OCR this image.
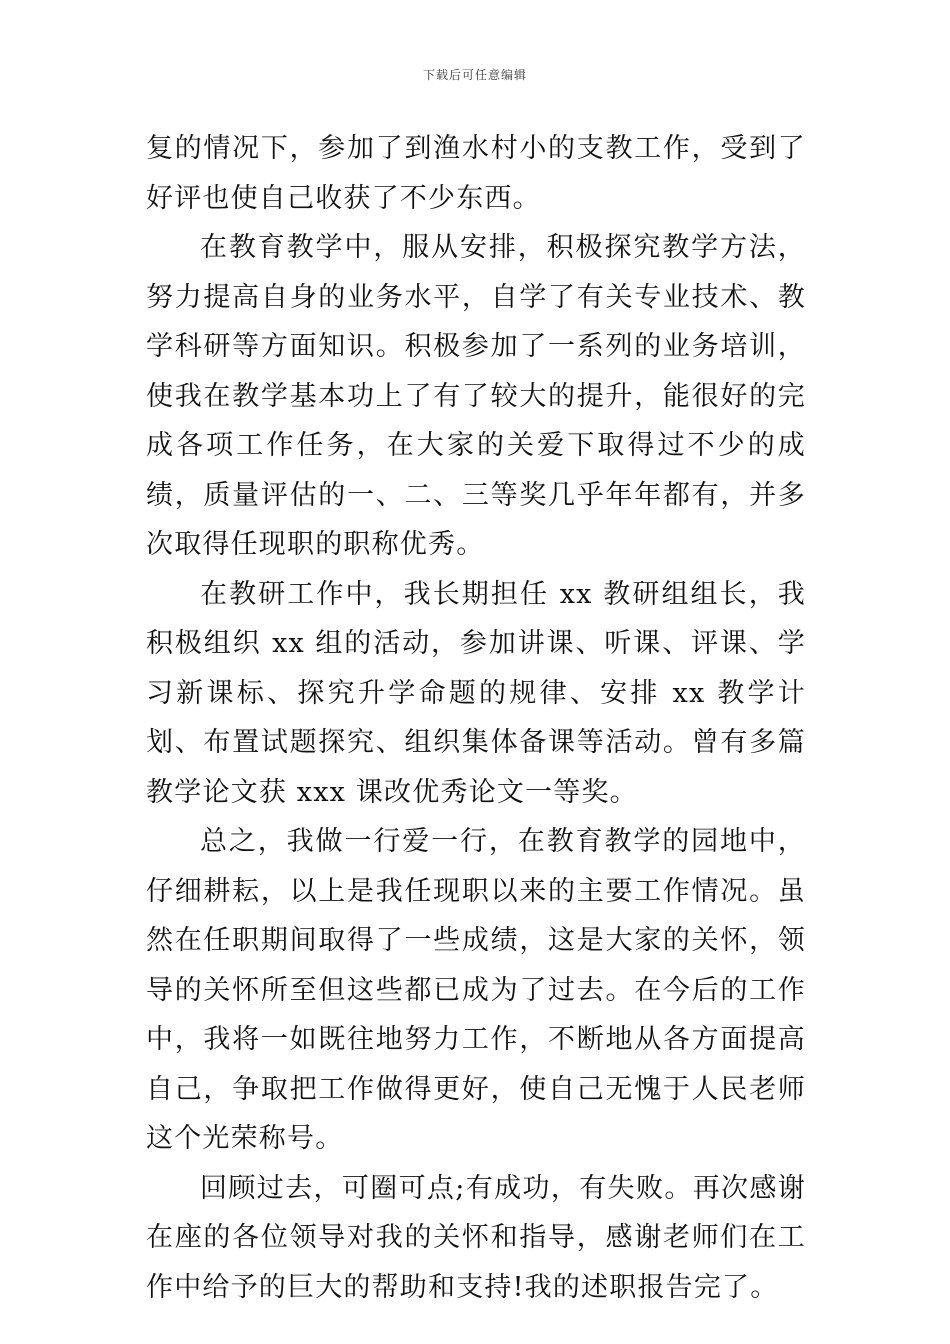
下载后可任意编辑

复的情况下，参加了到渔水村小的支教工作，受到了好评也使自己收获了不少东西。

在教育教学中，服从安排，积极探究教学方法，努力提高自身的业务水平，自学了有关专业技术、教学科研等方面知识。积极参加了一系列的业务培训，使我在教学基本功上了有了较大的提升，能很好的完成各项工作任务，在大家的关爱下取得过不少的成绩，质量评估的一、二、三等奖几乎年年都有，并多次取得任现职的职称优秀。

在教研工作中，我长期担任 xx 教研组组长，我积极组织 xx 组的活动，参加讲课、听课、评课、学习新课标、探究升学命题的规律、安排 xx 教学计划、布置试题探究、组织集体备课等活动。曾有多篇教学论文获 xxx 课改优秀论文一等奖。

总之，我做一行爱一行，在教育教学的园地中，仔细耕耘，以上是我任现职以来的主要工作情况。虽然在任职期间取得了一些成绩，这是大家的关怀，领导的关怀所至但这些都已成为了过去。在今后的工作中，我将一如既往地努力工作，不断地从各方面提高自己，争取把工作做得更好，使自己无愧于人民老师这个光荣称号。

回顾过去，可圈可点;有成功，有失败。再次感谢在座的各位领导对我的关怀和指导，感谢老师们在工作中给予的巨大的帮助和支持!我的述职报告完了。
